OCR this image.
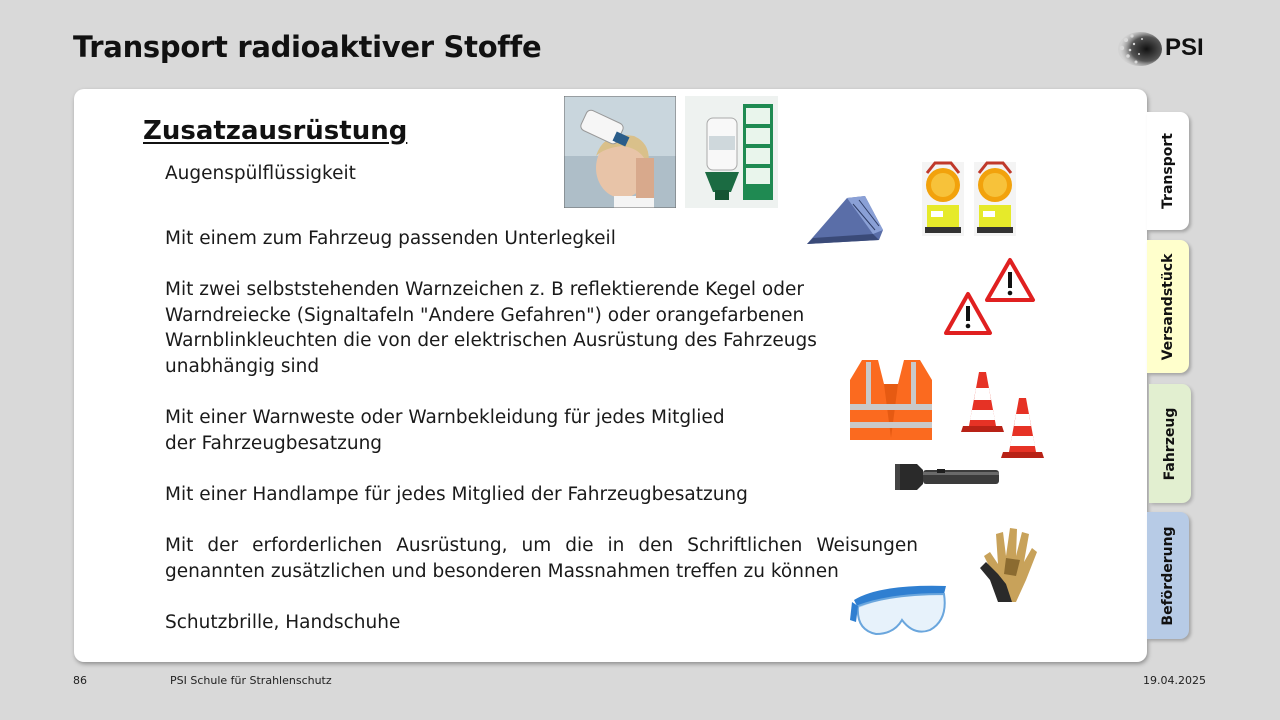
Transport radioaktiver Stoffe	PSI
Zusatzausrüstung
Augenspülflüssigkeit
Mit einem zum Fahrzeug passenden Unterlegkeil
Mit zwei selbststehenden Warnzeichen z. B reflektierende Kegel oder Warndreiecke (Signaltafeln "Andere Gefahren") oder orangefarbenen Warnblinkleuchten die von der elektrischen Ausrüstung des Fahrzeugs unabhängig sind
Mit einer Warnweste oder Warnbekleidung für jedes Mitglied der Fahrzeugbesatzung
Mit einer Handlampe für jedes Mitglied der Fahrzeugbesatzung
Mit der erforderlichen Ausrüstung, um die in den Schriftlichen Weisungen genannten zusätzlichen und besonderen Massnahmen treffen zu können
Schutzbrille, Handschuhe
Transport
Versandstück
Fahrzeug
Beförderung
86	PSI Schule für Strahlenschutz	19.04.2025
